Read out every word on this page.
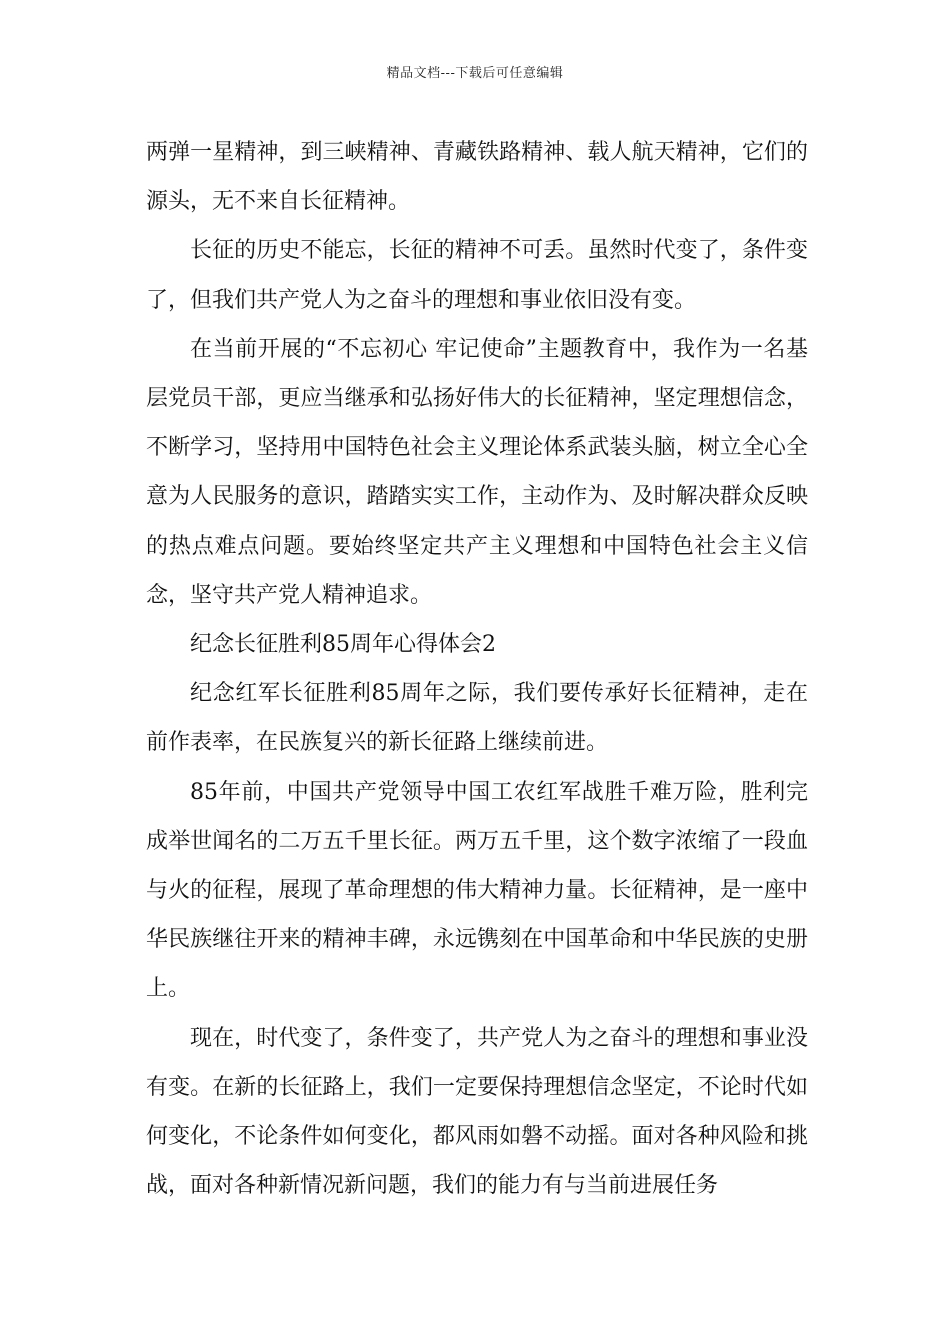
精品文档---下载后可任意编辑

两弹一星精神，到三峡精神、青藏铁路精神、载人航天精神，它们的源头，无不来自长征精神。

长征的历史不能忘，长征的精神不可丢。虽然时代变了，条件变了，但我们共产党人为之奋斗的理想和事业依旧没有变。

在当前开展的“不忘初心 牢记使命”主题教育中，我作为一名基层党员干部，更应当继承和弘扬好伟大的长征精神，坚定理想信念，不断学习，坚持用中国特色社会主义理论体系武装头脑，树立全心全意为人民服务的意识，踏踏实实工作，主动作为、及时解决群众反映的热点难点问题。要始终坚定共产主义理想和中国特色社会主义信念，坚守共产党人精神追求。

纪念长征胜利85周年心得体会2

纪念红军长征胜利85周年之际，我们要传承好长征精神，走在前作表率，在民族复兴的新长征路上继续前进。

85年前，中国共产党领导中国工农红军战胜千难万险，胜利完成举世闻名的二万五千里长征。两万五千里，这个数字浓缩了一段血与火的征程，展现了革命理想的伟大精神力量。长征精神，是一座中华民族继往开来的精神丰碑，永远镌刻在中国革命和中华民族的史册上。

现在，时代变了，条件变了，共产党人为之奋斗的理想和事业没有变。在新的长征路上，我们一定要保持理想信念坚定，不论时代如何变化，不论条件如何变化，都风雨如磐不动摇。面对各种风险和挑战，面对各种新情况新问题，我们的能力有与当前进展任务
